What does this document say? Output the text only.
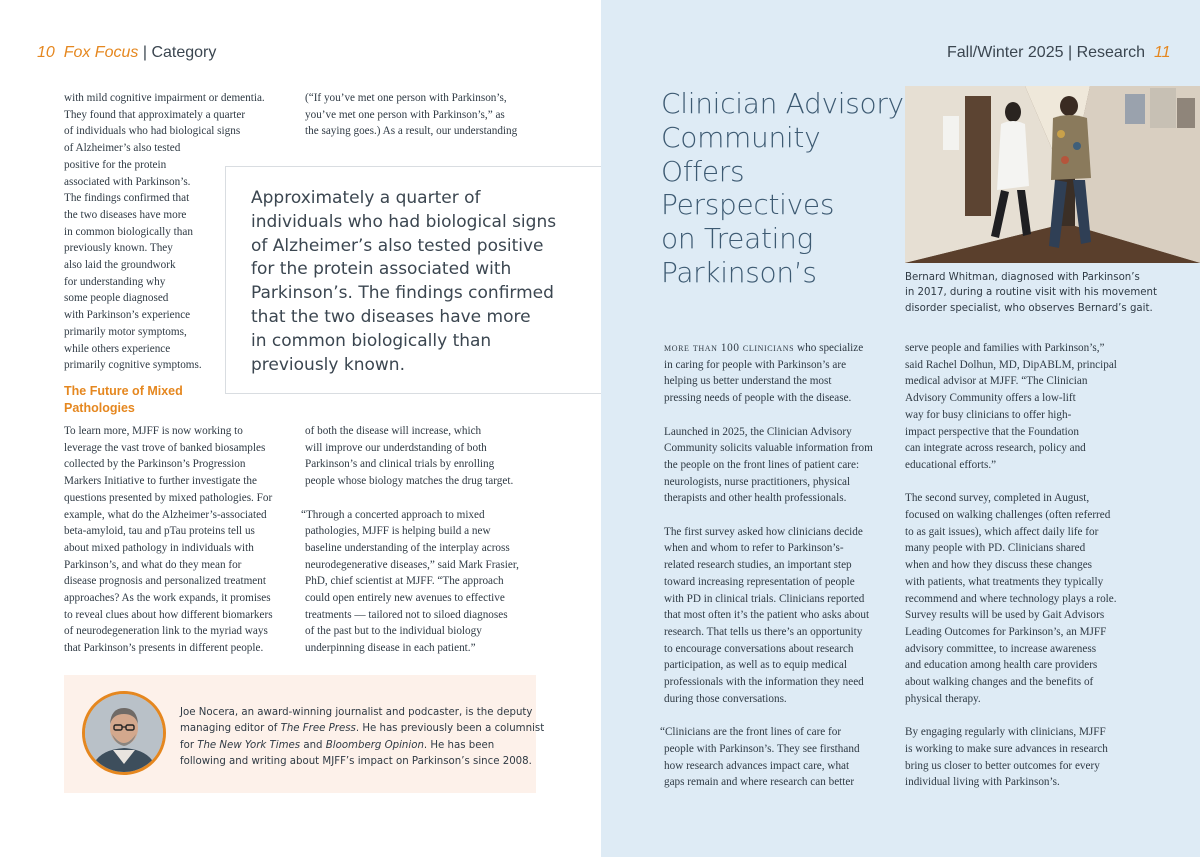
10 Fox Focus | Category
with mild cognitive impairment or dementia.
They found that approximately a quarter
of individuals who had biological signs
of Alzheimer’s also tested
positive for the protein
associated with Parkinson’s.
The findings confirmed that
the two diseases have more
in common biologically than
previously known. They
also laid the groundwork
for understanding why
some people diagnosed
with Parkinson’s experience
primarily motor symptoms,
while others experience
primarily cognitive symptoms.
(“If you’ve met one person with Parkinson’s,
you’ve met one person with Parkinson’s,” as
the saying goes.) As a result, our understanding
Approximately a quarter of
individuals who had biological signs
of Alzheimer’s also tested positive
for the protein associated with
Parkinson’s. The findings confirmed
that the two diseases have more
in common biologically than
previously known.
The Future of Mixed
Pathologies
To learn more, MJFF is now working to
leverage the vast trove of banked biosamples
collected by the Parkinson’s Progression
Markers Initiative to further investigate the
questions presented by mixed pathologies. For
example, what do the Alzheimer’s-associated
beta-amyloid, tau and pTau proteins tell us
about mixed pathology in individuals with
Parkinson’s, and what do they mean for
disease prognosis and personalized treatment
approaches? As the work expands, it promises
to reveal clues about how different biomarkers
of neurodegeneration link to the myriad ways
that Parkinson’s presents in different people.
of both the disease will increase, which
will improve our underdstanding of both
Parkinson’s and clinical trials by enrolling
people whose biology matches the drug target.
“Through a concerted approach to mixed
pathologies, MJFF is helping build a new
baseline understanding of the interplay across
neurodegenerative diseases,” said Mark Frasier,
PhD, chief scientist at MJFF. “The approach
could open entirely new avenues to effective
treatments — tailored not to siloed diagnoses
of the past but to the individual biology
underpinning disease in each patient.”
Joe Nocera, an award-winning journalist and podcaster, is the deputy
managing editor of The Free Press. He has previously been a columnist
for The New York Times and Bloomberg Opinion. He has been
following and writing about MJFF’s impact on Parkinson’s since 2008.
Fall/Winter 2025 | Research 11
Clinician Advisory
Community
Offers
Perspectives
on Treating
Parkinson’s	Bernard Whitman, diagnosed with Parkinson’s
in 2017, during a routine visit with his movement
disorder specialist, who observes Bernard’s gait.
more than 100 clinicians who specialize
in caring for people with Parkinson’s are
helping us better understand the most
pressing needs of people with the disease.
Launched in 2025, the Clinician Advisory
Community solicits valuable information from
the people on the front lines of patient care:
neurologists, nurse practitioners, physical
therapists and other health professionals.
The first survey asked how clinicians decide
when and whom to refer to Parkinson’s-
related research studies, an important step
toward increasing representation of people
with PD in clinical trials. Clinicians reported
that most often it’s the patient who asks about
research. That tells us there’s an opportunity
to encourage conversations about research
participation, as well as to equip medical
professionals with the information they need
during those conversations.
“Clinicians are the front lines of care for
people with Parkinson’s. They see firsthand
how research advances impact care, what
gaps remain and where research can better
serve people and families with Parkinson’s,”
said Rachel Dolhun, MD, DipABLM, principal
medical advisor at MJFF. “The Clinician
Advisory Community offers a low-lift
way for busy clinicians to offer high-
impact perspective that the Foundation
can integrate across research, policy and
educational efforts.”
The second survey, completed in August,
focused on walking challenges (often referred
to as gait issues), which affect daily life for
many people with PD. Clinicians shared
when and how they discuss these changes
with patients, what treatments they typically
recommend and where technology plays a role.
Survey results will be used by Gait Advisors
Leading Outcomes for Parkinson’s, an MJFF
advisory committee, to increase awareness
and education among health care providers
about walking changes and the benefits of
physical therapy.
By engaging regularly with clinicians, MJFF
is working to make sure advances in research
bring us closer to better outcomes for every
individual living with Parkinson’s.
